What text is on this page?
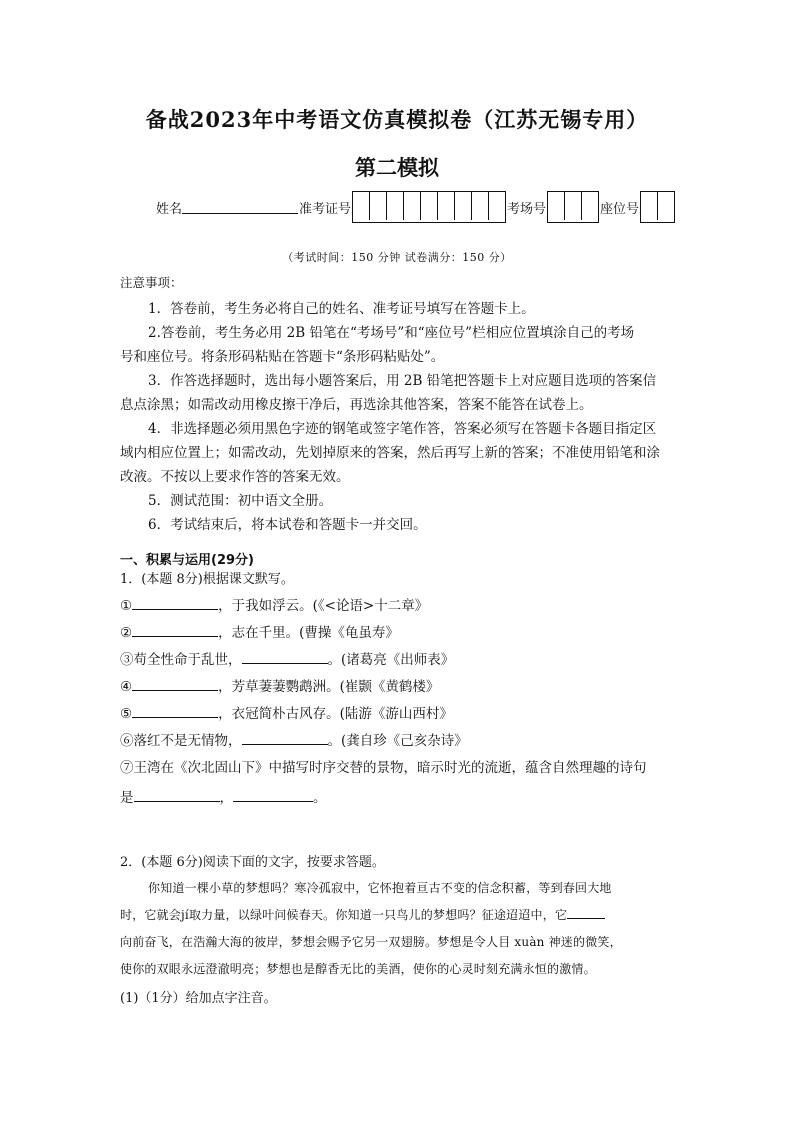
备战2023年中考语文仿真模拟卷（江苏无锡专用）
第二模拟
姓名	准考证号	考场号	座位号
（考试时间：150 分钟 试卷满分：150 分）
注意事项：
1．答卷前，考生务必将自己的姓名、准考证号填写在答题卡上。
2.答卷前，考生务必用 2B 铅笔在“考场号”和“座位号”栏相应位置填涂自己的考场
号和座位号。将条形码粘贴在答题卡“条形码粘贴处”。
3．作答选择题时，选出每小题答案后，用 2B 铅笔把答题卡上对应题目选项的答案信
息点涂黑；如需改动用橡皮擦干净后，再选涂其他答案，答案不能答在试卷上。
4．非选择题必须用黑色字迹的钢笔或签字笔作答，答案必须写在答题卡各题目指定区
域内相应位置上；如需改动，先划掉原来的答案，然后再写上新的答案；不准使用铅笔和涂
改液。不按以上要求作答的答案无效。
5．测试范围：初中语文全册。
6．考试结束后，将本试卷和答题卡一并交回。
一、积累与运用(29分)
1．(本题 8分)根据课文默写。
①	，于我如浮云。(《<论语>十二章》
②	，志在千里。(曹操《龟虽寿》
③苟全性命于乱世，	。(诸葛亮《出师表》
④	，芳草萋萋鹦鹉洲。(崔颢《黄鹤楼》
⑤	，衣冠简朴古风存。(陆游《游山西村》
⑥落红不是无情物，	。(龚自珍《己亥杂诗》
⑦王湾在《次北固山下》中描写时序交替的景物，暗示时光的流逝，蕴含自然理趣的诗句
是	，	。
2．(本题 6分)阅读下面的文字，按要求答题。
你知道一棵小草的梦想吗？寒冷孤寂中，它怀抱着亘古不变的信念积蓄，等到春回大地
时，它就会jí取力量，以绿叶问候春天。你知道一只鸟儿的梦想吗？征途迢迢中，它
向前奋飞，在浩瀚大海的彼岸，梦想会赐予它另一双翅膀。梦想是令人目 xuàn 神迷的微笑，
使你的双眼永远澄澈明亮；梦想也是醇香无比的美酒，使你的心灵时刻充满永恒的激情。
(1)（1分）给加点字注音。
